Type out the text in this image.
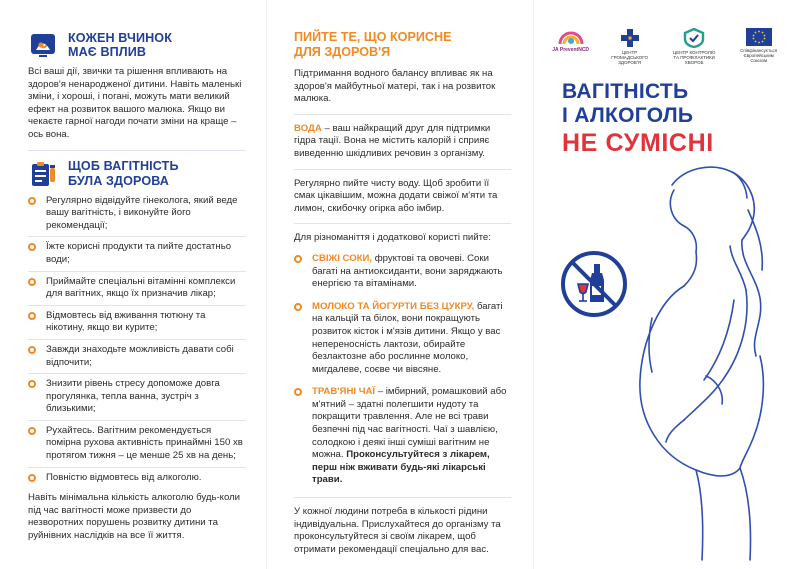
КОЖЕН ВЧИНОК
МАЄ ВПЛИВ

Всі ваші дії, звички та рішення впливають на здоров'я ненародженої дитини. Навіть маленькі зміни, і хороші, і погані, можуть мати великий ефект на розвиток вашого малюка. Якщо ви чекаєте гарної нагоди почати зміни на краще – ось вона.

ЩОБ ВАГІТНІСТЬ
БУЛА ЗДОРОВА
Регулярно відвідуйте гінеколога, який веде вашу вагітність, і виконуйте його рекомендації;
Їжте корисні продукти та пийте достатньо води;
Приймайте спеціальні вітамінні комплекси для вагітних, якщо їх призначив лікар;
Відмовтесь від вживання тютюну та нікотину, якщо ви курите;
Завжди знаходьте можливість давати собі відпочити;
Знизити рівень стресу допоможе довга прогулянка, тепла ванна, зустріч з близькими;
Рухайтесь. Вагітним рекомендується помірна рухова активність принаймні 150 хв протягом тижня – це менше 25 хв на день;
Повністю відмовтесь від алкоголю.

Навіть мінімальна кількість алкоголю будь-коли під час вагітності може призвести до незворотних порушень розвитку дитини та руйнівних наслідків на все її життя.

ПИЙТЕ ТЕ, ЩО КОРИСНЕ
ДЛЯ ЗДОРОВ'Я

Підтримання водного балансу впливає як на здоров'я майбутньої матері, так і на розвиток малюка.

ВОДА – ваш найкращий друг для підтримки гідра тації. Вона не містить калорій і сприяє виведенню шкідливих речовин з організму.

Регулярно пийте чисту воду. Щоб зробити її смак цікавішим, можна додати свіжої м'яти та лимон, скибочку огірка або імбир.

Для різноманіття і додаткової користі пийте:

СВІЖІ СОКИ, фруктові та овочеві. Соки багаті на антиоксиданти, вони заряджають енергією та вітамінами.
МОЛОКО ТА ЙОГУРТИ БЕЗ ЦУКРУ, багаті на кальцій та білок, вони покращують розвиток кісток і м'язів дитини. Якщо у вас непереносність лактози, обирайте безлактозне або рослинне молоко, мигдалеве, соєве чи вівсяне.
ТРАВ'ЯНІ ЧАЇ – імбирний, ромашковий або м'ятний – здатні полегшити нудоту та покращити травлення. Але не всі трави безпечні під час вагітності. Чаї з шавлією, солодкою і деякі інші суміші вагітним не можна. Проконсультуйтеся з лікарем, перш ніж вживати будь-які лікарські трави.

У кожної людини потреба в кількості рідини індивідуальна. Прислухайтеся до організму та проконсультуйтеся зі своїм лікарем, щоб отримати рекомендації спеціально для вас.

JA PreventNCD	ЦЕНТР ГРОМАДСЬКОГО ЗДОРОВ'Я
ЦЕНТР КОНТРОЛЮ ТА ПРОФІЛАКТИКИ ХВОРОБ
Співфінансується Європейським Союзом
ВАГІТНІСТЬ
І АЛКОГОЛЬ
НЕ СУМІСНІ
